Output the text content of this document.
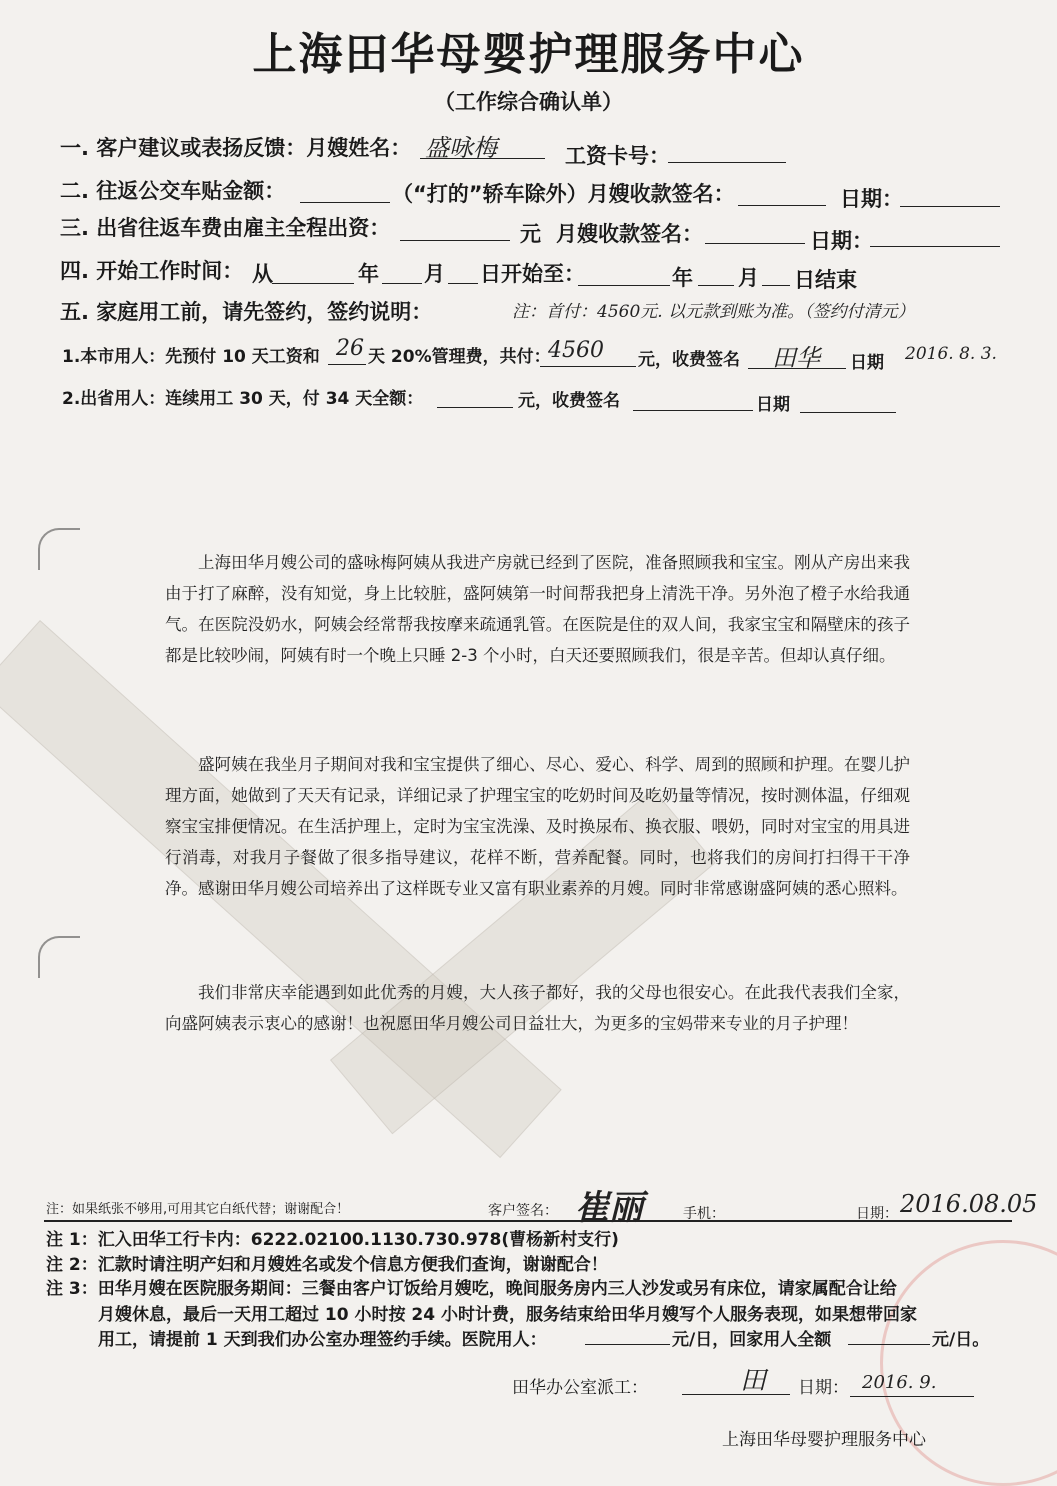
上海田华母婴护理服务中心
（工作综合确认单）
一. 客户建议或表扬反馈：月嫂姓名： 盛咏梅	工资卡号：
二. 往返公交车贴金额：	（“打的”轿车除外）月嫂收款签名：	日期：
三. 出省往返车费由雇主全程出资：	元 月嫂收款签名：	日期：
四. 开始工作时间： 从	年 月 日开始至：	年 月 日结束
五. 家庭用工前，请先签约，签约说明：	注：首付：4560元. 以元款到账为准。（签约付清元）
1.本市用人：先预付 10 天工资和 26 天 20%管理费，共付：
4560 元，收费签名 田华 日期 2016. 8. 3.
2.出省用人：连续用工 30 天，付 34 天全额：	元，收费签名	日期

上海田华月嫂公司的盛咏梅阿姨从我进产房就已经到了医院，准备照顾我和宝宝。刚从产房出来我由于打了麻醉，没有知觉，身上比较脏，盛阿姨第一时间帮我把身上清洗干净。另外泡了橙子水给我通气。在医院没奶水，阿姨会经常帮我按摩来疏通乳管。在医院是住的双人间，我家宝宝和隔壁床的孩子都是比较吵闹，阿姨有时一个晚上只睡 2-3 个小时，白天还要照顾我们，很是辛苦。但却认真仔细。

盛阿姨在我坐月子期间对我和宝宝提供了细心、尽心、爱心、科学、周到的照顾和护理。在婴儿护理方面，她做到了天天有记录，详细记录了护理宝宝的吃奶时间及吃奶量等情况，按时测体温，仔细观察宝宝排便情况。在生活护理上，定时为宝宝洗澡、及时换尿布、换衣服、喂奶，同时对宝宝的用具进行消毒，对我月子餐做了很多指导建议，花样不断，营养配餐。同时，也将我们的房间打扫得干干净净。感谢田华月嫂公司培养出了这样既专业又富有职业素养的月嫂。同时非常感谢盛阿姨的悉心照料。

我们非常庆幸能遇到如此优秀的月嫂，大人孩子都好，我的父母也很安心。在此我代表我们全家，向盛阿姨表示衷心的感谢！也祝愿田华月嫂公司日益壮大，为更多的宝妈带来专业的月子护理！

注：如果纸张不够用,可用其它白纸代替；谢谢配合！	客户签名： 崔丽	手机：	日期： 2016.08.05
注 1：汇入田华工行卡内：6222.02100.1130.730.978(曹杨新村支行)
注 2：汇款时请注明产妇和月嫂姓名或发个信息方便我们查询，谢谢配合！
注 3：田华月嫂在医院服务期间：三餐由客户订饭给月嫂吃，晚间服务房内三人沙发或另有床位，请家属配合让给
月嫂休息，最后一天用工超过 10 小时按 24 小时计费，服务结束给田华月嫂写个人服务表现，如果想带回家
用工，请提前 1 天到我们办公室办理签约手续。医院用人：	元/日，回家用人全额	元/日。
田华办公室派工：	田 日期： 2016. 9.
上海田华母婴护理服务中心
